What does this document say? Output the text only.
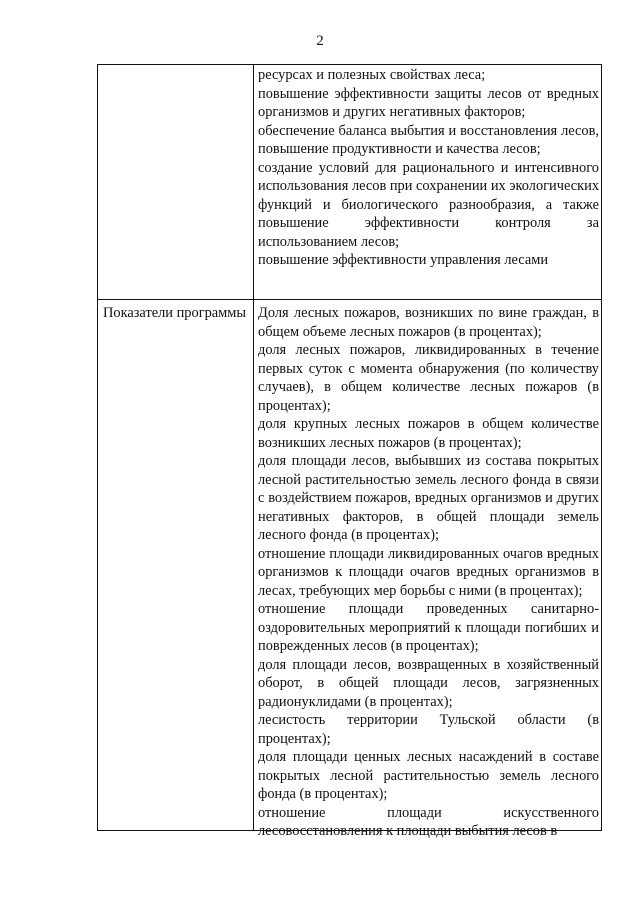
2
ресурсах и полезных свойствах леса;
повышение эффективности защиты лесов от вредных организмов и других негативных факторов;
обеспечение баланса выбытия и восстановления лесов, повышение продуктивности и качества лесов;
создание условий для рационального и интенсивного использования лесов при сохранении их экологических функций и биологического разнообразия, а также повышение эффективности контроля за использованием лесов;
повышение эффективности управления лесами
Показатели программы Доля лесных пожаров, возникших по вине граждан, в общем объеме лесных пожаров (в процентах);
доля лесных пожаров, ликвидированных в течение первых суток с момента обнаружения (по количеству случаев), в общем количестве лесных пожаров (в процентах);
доля крупных лесных пожаров в общем количестве возникших лесных пожаров (в процентах);
доля площади лесов, выбывших из состава покрытых лесной растительностью земель лесного фонда в связи с воздействием пожаров, вредных организмов и других негативных факторов, в общей площади земель лесного фонда (в процентах);
отношение площади ликвидированных очагов вредных организмов к площади очагов вредных организмов в лесах, требующих мер борьбы с ними (в процентах);
отношение площади проведенных санитарно-оздоровительных мероприятий к площади погибших и поврежденных лесов (в процентах);
доля площади лесов, возвращенных в хозяйственный оборот, в общей площади лесов, загрязненных радионуклидами (в процентах);
лесистость территории Тульской области (в процентах);
доля площади ценных лесных насаждений в составе покрытых лесной растительностью земель лесного фонда (в процентах);
отношение площади искусственного лесовосстановления к площади выбытия лесов в
